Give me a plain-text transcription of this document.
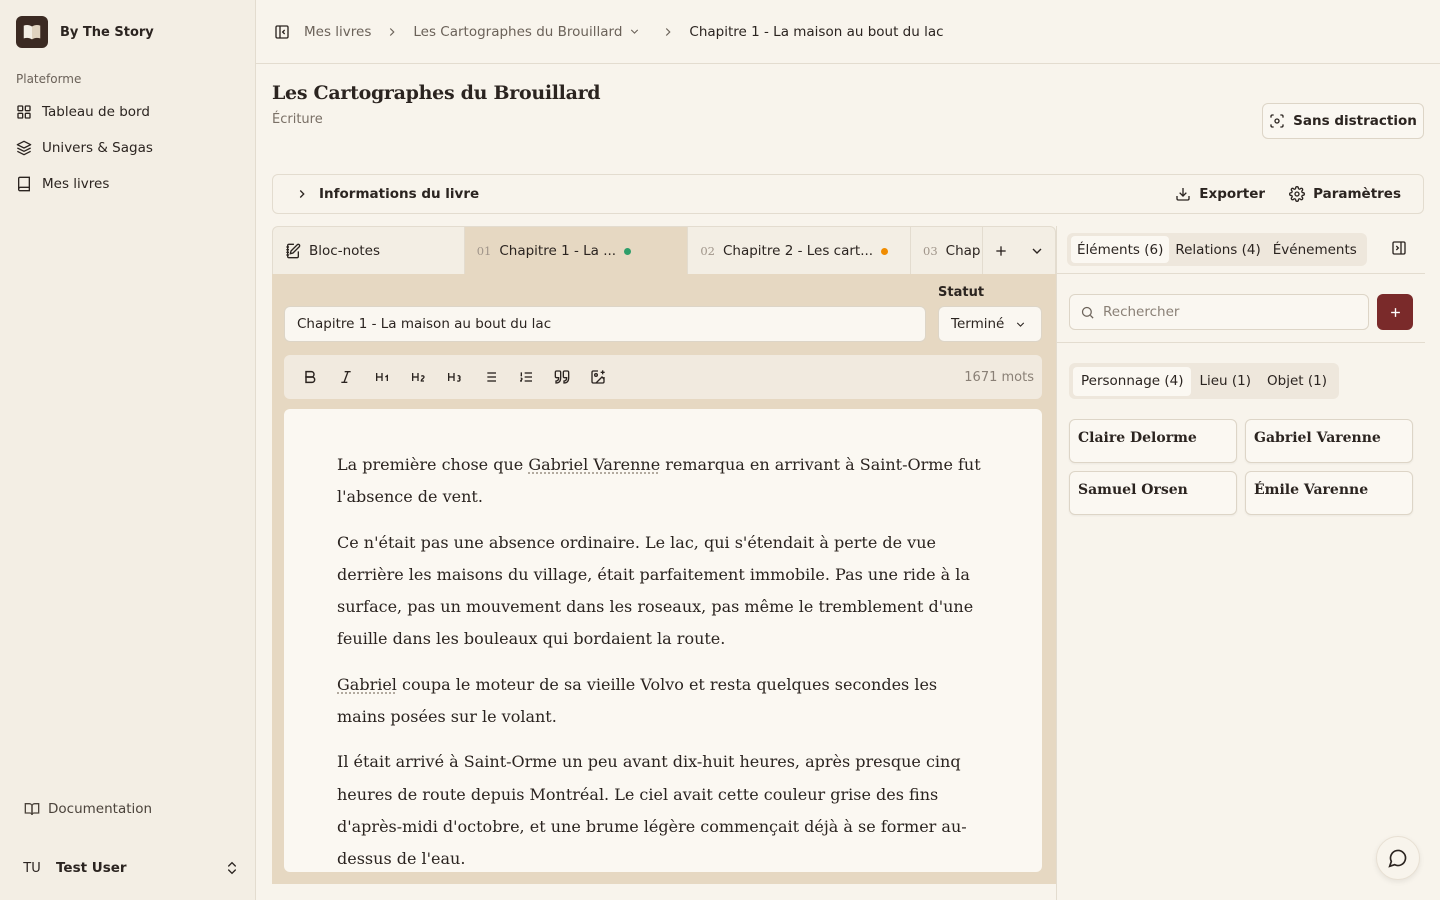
By The Story
Plateforme
Tableau de bord
Univers & Sagas
Mes livres
Documentation
TU	Test User
Mes livres	Les Cartographes du Brouillard	Chapitre 1 - La maison au bout du lac
Les Cartographes du Brouillard
Écriture	Sans distraction
Informations du livre	Exporter	Paramètres
Bloc-notes	01 Chapitre 1 - La ...	02 Chapitre 2 - Les cart...	03 Chap
Chapitre 1 - La maison au bout du lac
Statut
Terminé
1671 mots

La première chose que Gabriel Varenne remarqua en arrivant à Saint-Orme fut l'absence de vent.

Ce n'était pas une absence ordinaire. Le lac, qui s'étendait à perte de vue derrière les maisons du village, était parfaitement immobile. Pas une ride à la surface, pas un mouvement dans les roseaux, pas même le tremblement d'une feuille dans les bouleaux qui bordaient la route.

Gabriel coupa le moteur de sa vieille Volvo et resta quelques secondes les mains posées sur le volant.

Il était arrivé à Saint-Orme un peu avant dix-huit heures, après presque cinq heures de route depuis Montréal. Le ciel avait cette couleur grise des fins d'après-midi d'octobre, et une brume légère commençait déjà à se former au-dessus de l'eau.

Éléments (6) Relations (4) Événements
Rechercher
Personnage (4)	Lieu (1)	Objet (1)
Claire Delorme	Gabriel Varenne
Samuel Orsen	Émile Varenne
